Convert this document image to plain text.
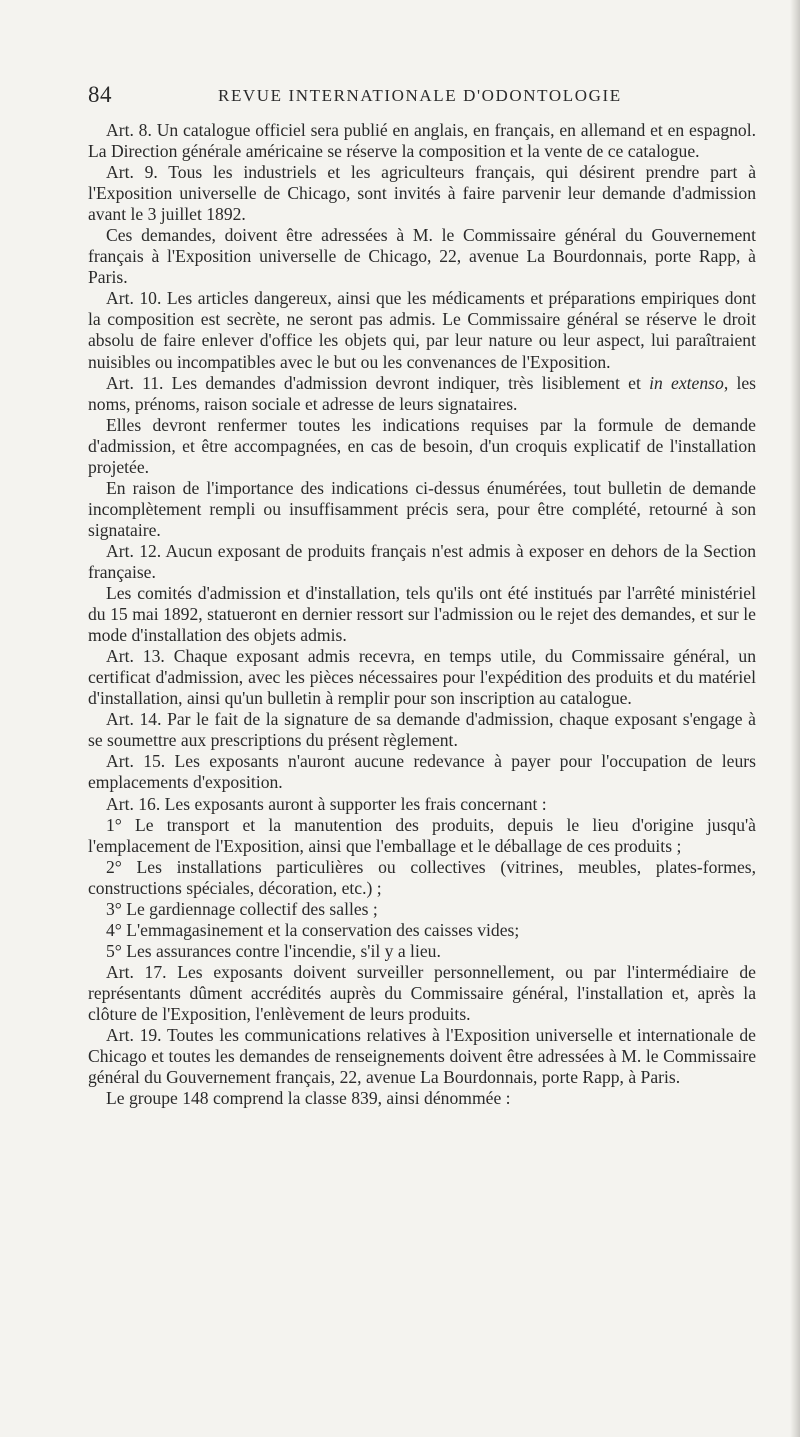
84	REVUE INTERNATIONALE D'ODONTOLOGIE

Art. 8. Un catalogue officiel sera publié en anglais, en français, en allemand et en espagnol. La Direction générale américaine se réserve la composition et la vente de ce catalogue.

Art. 9. Tous les industriels et les agriculteurs français, qui désirent prendre part à l'Exposition universelle de Chicago, sont invités à faire parvenir leur demande d'admission avant le 3 juillet 1892.

Ces demandes, doivent être adressées à M. le Commissaire général du Gouvernement français à l'Exposition universelle de Chicago, 22, avenue La Bourdonnais, porte Rapp, à Paris.

Art. 10. Les articles dangereux, ainsi que les médicaments et préparations empiriques dont la composition est secrète, ne seront pas admis. Le Commissaire général se réserve le droit absolu de faire enlever d'office les objets qui, par leur nature ou leur aspect, lui paraîtraient nuisibles ou incompatibles avec le but ou les convenances de l'Exposition.

Art. 11. Les demandes d'admission devront indiquer, très lisiblement et in extenso, les noms, prénoms, raison sociale et adresse de leurs signataires.

Elles devront renfermer toutes les indications requises par la formule de demande d'admission, et être accompagnées, en cas de besoin, d'un croquis explicatif de l'installation projetée.

En raison de l'importance des indications ci-dessus énumérées, tout bulletin de demande incomplètement rempli ou insuffisamment précis sera, pour être complété, retourné à son signataire.

Art. 12. Aucun exposant de produits français n'est admis à exposer en dehors de la Section française.

Les comités d'admission et d'installation, tels qu'ils ont été institués par l'arrêté ministériel du 15 mai 1892, statueront en dernier ressort sur l'admission ou le rejet des demandes, et sur le mode d'installation des objets admis.

Art. 13. Chaque exposant admis recevra, en temps utile, du Commissaire général, un certificat d'admission, avec les pièces nécessaires pour l'expédition des produits et du matériel d'installation, ainsi qu'un bulletin à remplir pour son inscription au catalogue.

Art. 14. Par le fait de la signature de sa demande d'admission, chaque exposant s'engage à se soumettre aux prescriptions du présent règlement.

Art. 15. Les exposants n'auront aucune redevance à payer pour l'occupation de leurs emplacements d'exposition.

Art. 16. Les exposants auront à supporter les frais concernant :

1° Le transport et la manutention des produits, depuis le lieu d'origine jusqu'à l'emplacement de l'Exposition, ainsi que l'emballage et le déballage de ces produits ;

2° Les installations particulières ou collectives (vitrines, meubles, plates-formes, constructions spéciales, décoration, etc.) ;

3° Le gardiennage collectif des salles ;

4° L'emmagasinement et la conservation des caisses vides;

5° Les assurances contre l'incendie, s'il y a lieu.

Art. 17. Les exposants doivent surveiller personnellement, ou par l'intermédiaire de représentants dûment accrédités auprès du Commissaire général, l'installation et, après la clôture de l'Exposition, l'enlèvement de leurs produits.

Art. 19. Toutes les communications relatives à l'Exposition universelle et internationale de Chicago et toutes les demandes de renseignements doivent être adressées à M. le Commissaire général du Gouvernement français, 22, avenue La Bourdonnais, porte Rapp, à Paris.

Le groupe 148 comprend la classe 839, ainsi dénommée :
